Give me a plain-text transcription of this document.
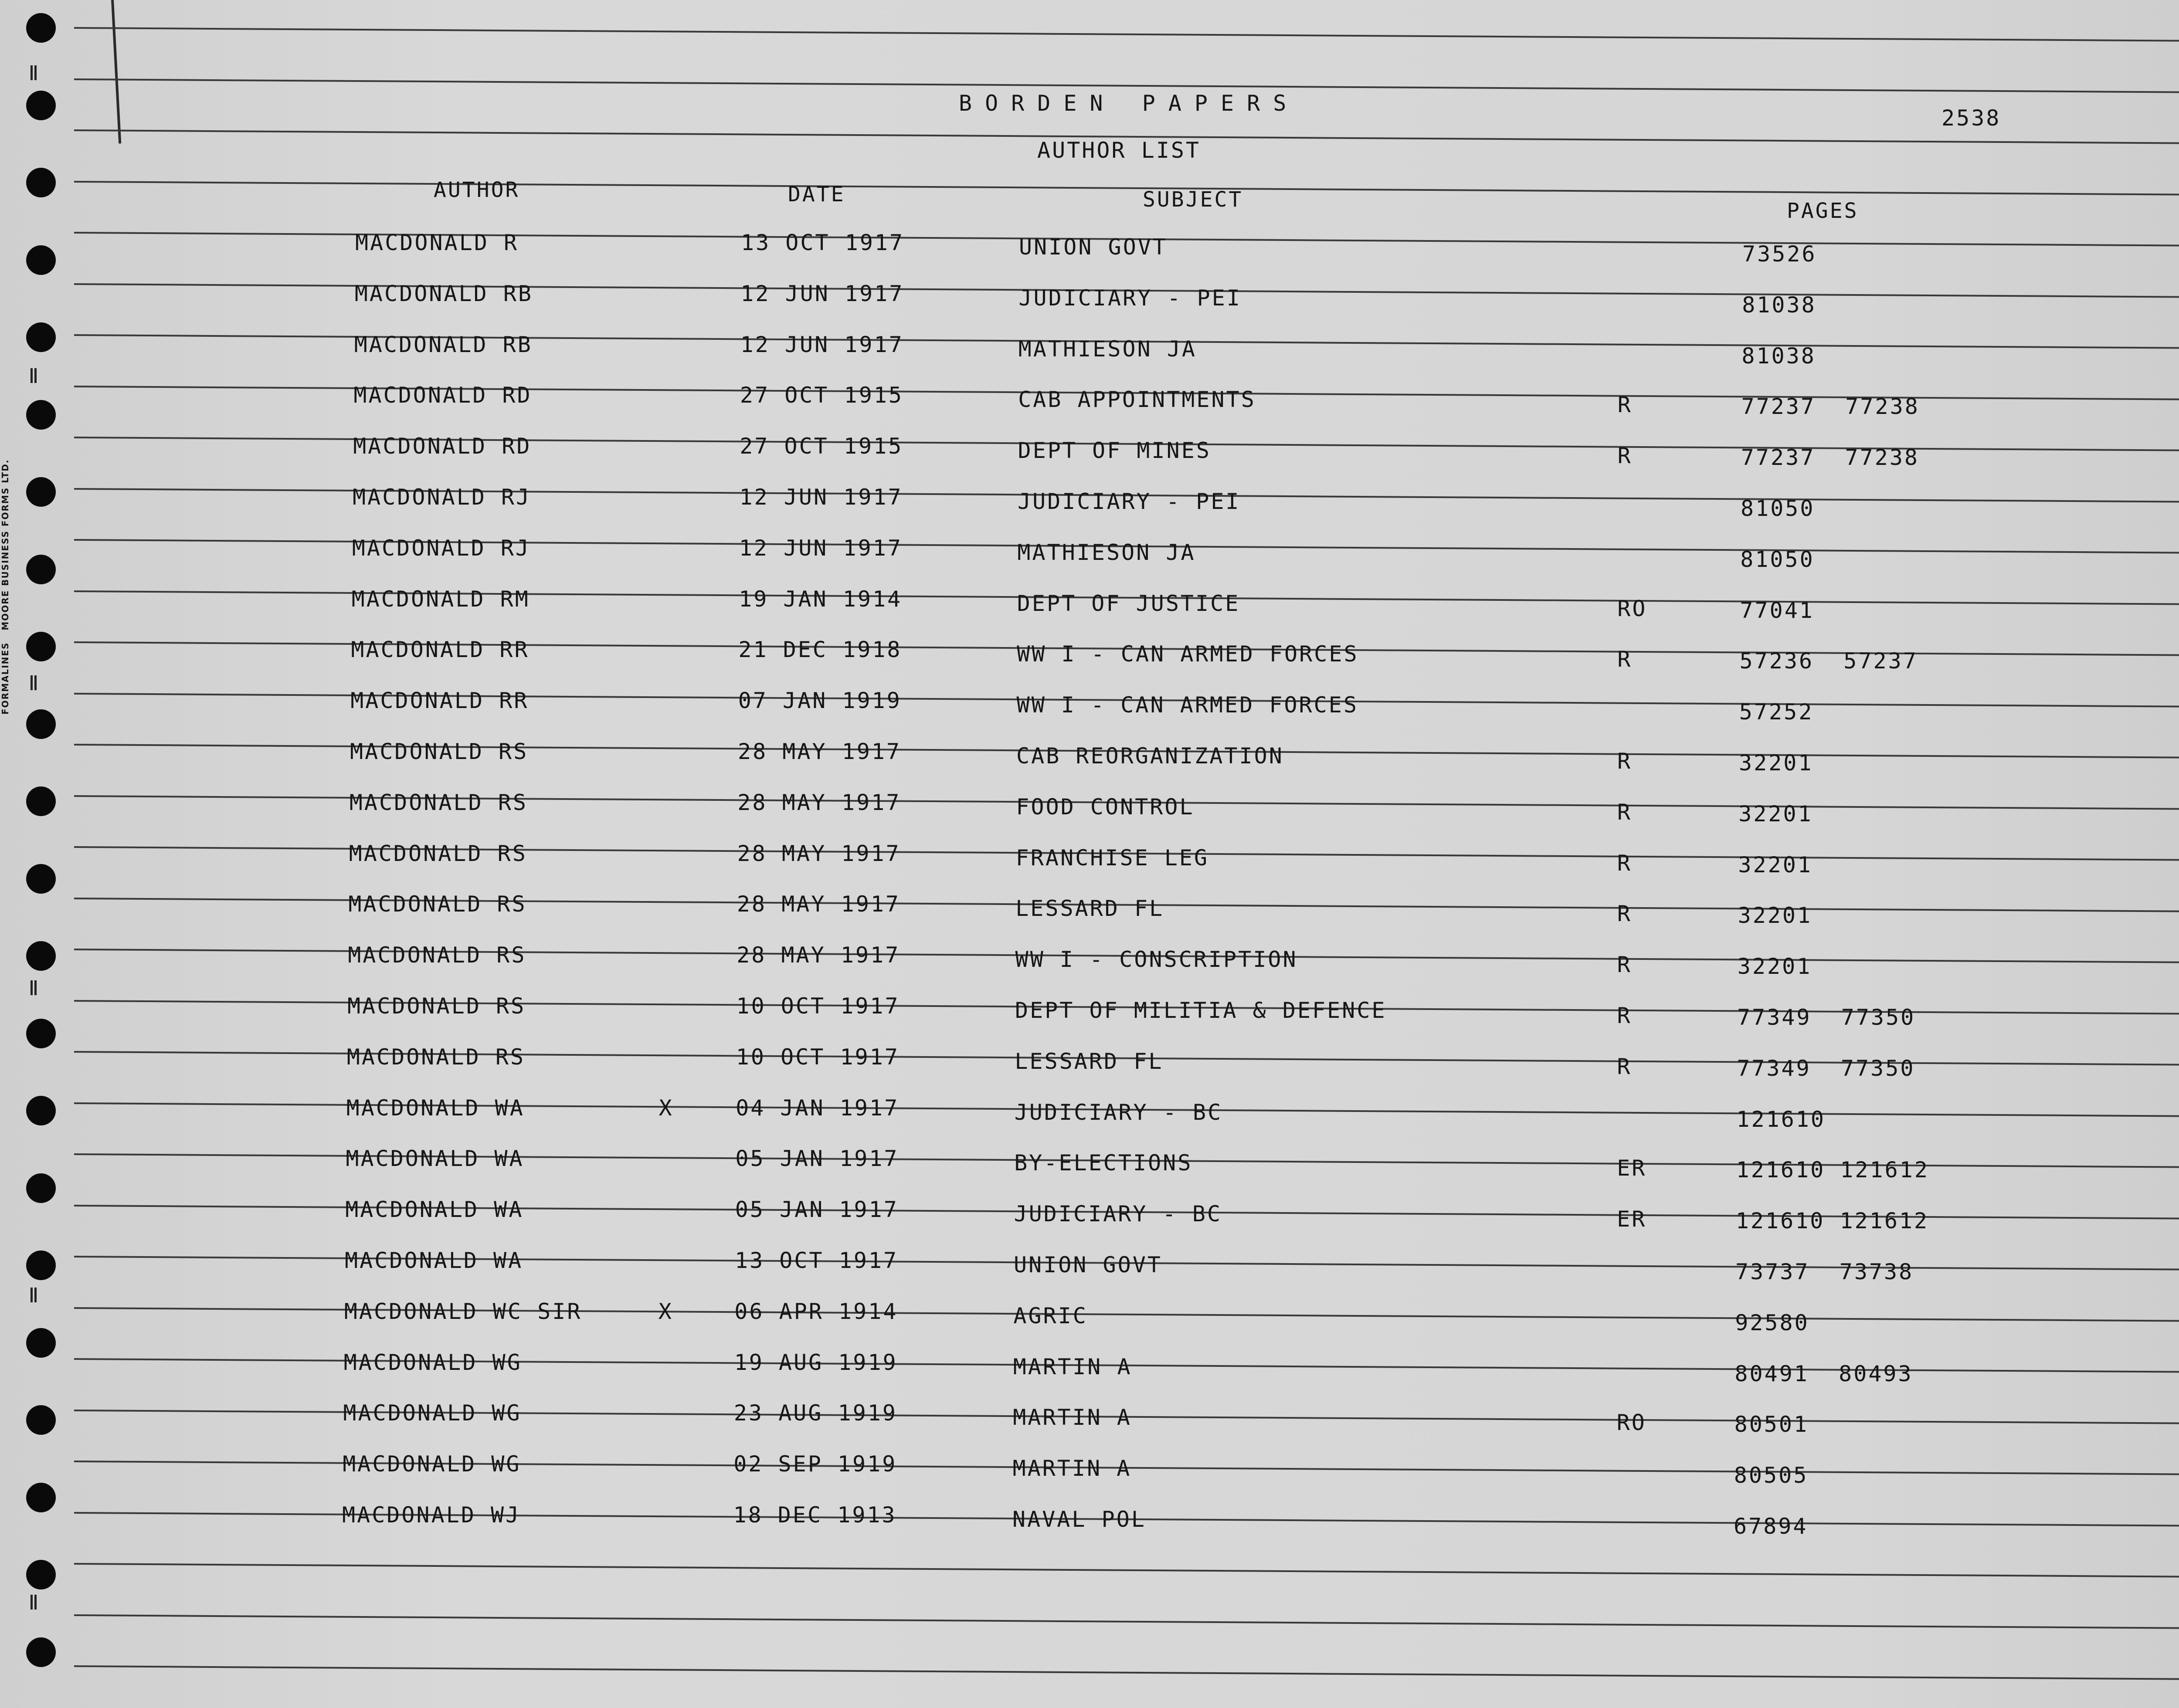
FORMALINES   MOORE BUSINESS FORMS LTD.
BORDEN PAPERS
2538
AUTHOR LIST
AUTHOR	DATE	SUBJECT	PAGES
MACDONALD R	13 OCT 1917	UNION GOVT	73526
MACDONALD RB	12 JUN 1917	JUDICIARY - PEI	81038
MACDONALD RB	12 JUN 1917	MATHIESON JA	81038
MACDONALD RD	27 OCT 1915	CAB APPOINTMENTS	R	77237  77238
MACDONALD RD	27 OCT 1915	DEPT OF MINES	R	77237  77238
MACDONALD RJ	12 JUN 1917	JUDICIARY - PEI	81050
MACDONALD RJ	12 JUN 1917	MATHIESON JA	81050
MACDONALD RM	19 JAN 1914	DEPT OF JUSTICE	RO	77041
MACDONALD RR	21 DEC 1918	WW I - CAN ARMED FORCES	R	57236  57237
MACDONALD RR	07 JAN 1919	WW I - CAN ARMED FORCES	57252
MACDONALD RS	28 MAY 1917	CAB REORGANIZATION	R	32201
MACDONALD RS	28 MAY 1917	FOOD CONTROL	R	32201
MACDONALD RS	28 MAY 1917	FRANCHISE LEG	R	32201
MACDONALD RS	28 MAY 1917	LESSARD FL	R	32201
MACDONALD RS	28 MAY 1917	WW I - CONSCRIPTION	R	32201
MACDONALD RS	10 OCT 1917	DEPT OF MILITIA & DEFENCE	R	77349  77350
MACDONALD RS	10 OCT 1917	LESSARD FL	R	77349  77350
MACDONALD WA	X	04 JAN 1917	JUDICIARY - BC	121610
MACDONALD WA	05 JAN 1917	BY-ELECTIONS	ER	121610 121612
MACDONALD WA	05 JAN 1917	JUDICIARY - BC	ER	121610 121612
MACDONALD WA	13 OCT 1917	UNION GOVT	73737  73738
MACDONALD WC SIR	X	06 APR 1914	AGRIC	92580
MACDONALD WG	19 AUG 1919	MARTIN A	80491  80493
MACDONALD WG	23 AUG 1919	MARTIN A	RO	80501
MACDONALD WG	02 SEP 1919	MARTIN A	80505
MACDONALD WJ	18 DEC 1913	NAVAL POL	67894
